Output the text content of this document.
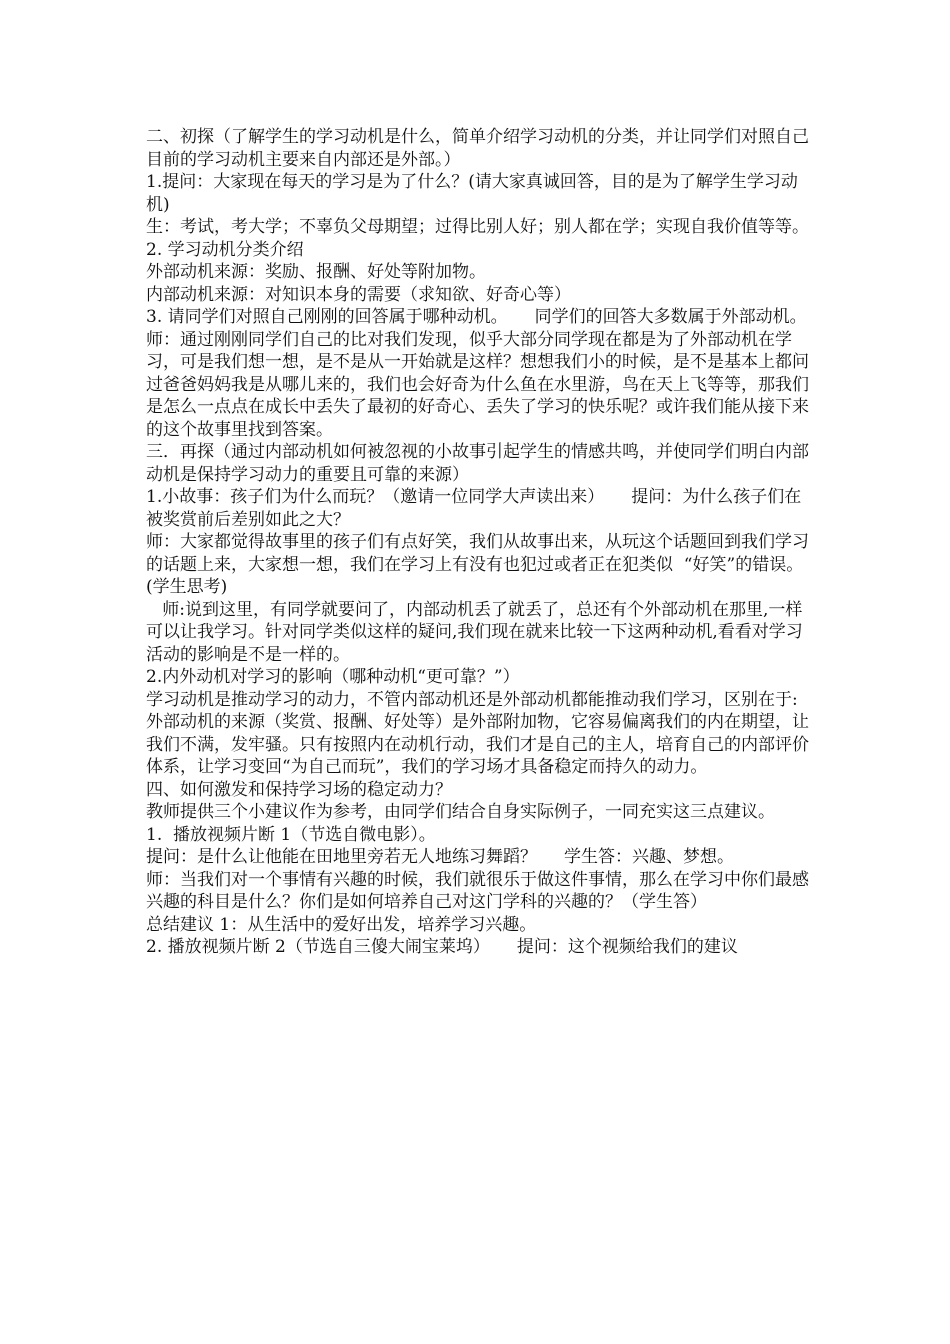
二、初探（了解学生的学习动机是什么，简单介绍学习动机的分类，并让同学们对照自己目前的学习动机主要来自内部还是外部。）

1.提问：大家现在每天的学习是为了什么？(请大家真诚回答，目的是为了解学生学习动机)

生：考试，考大学；不辜负父母期望；过得比别人好；别人都在学；实现自我价值等等。

2. 学习动机分类介绍

外部动机来源：奖励、报酬、好处等附加物。

内部动机来源：对知识本身的需要（求知欲、好奇心等）

3. 请同学们对照自己刚刚的回答属于哪种动机。     同学们的回答大多数属于外部动机。

师：通过刚刚同学们自己的比对我们发现，似乎大部分同学现在都是为了外部动机在学习，可是我们想一想，是不是从一开始就是这样？想想我们小的时候，是不是基本上都问过爸爸妈妈我是从哪儿来的，我们也会好奇为什么鱼在水里游，鸟在天上飞等等，那我们是怎么一点点在成长中丢失了最初的好奇心、丢失了学习的快乐呢？或许我们能从接下来的这个故事里找到答案。

三．再探（通过内部动机如何被忽视的小故事引起学生的情感共鸣，并使同学们明白内部动机是保持学习动力的重要且可靠的来源）

1.小故事：孩子们为什么而玩？（邀请一位同学大声读出来）     提问：为什么孩子们在被奖赏前后差别如此之大？

师：大家都觉得故事里的孩子们有点好笑，我们从故事出来，从玩这个话题回到我们学习的话题上来，大家想一想，我们在学习上有没有也犯过或者正在犯类似  “好笑”的错误。

(学生思考)

师:说到这里，有同学就要问了，内部动机丢了就丢了，总还有个外部动机在那里,一样可以让我学习。针对同学类似这样的疑问,我们现在就来比较一下这两种动机,看看对学习活动的影响是不是一样的。

2.内外动机对学习的影响（哪种动机“更可靠？”）

学习动机是推动学习的动力，不管内部动机还是外部动机都能推动我们学习，区别在于:

外部动机的来源（奖赏、报酬、好处等）是外部附加物，它容易偏离我们的内在期望，让我们不满，发牢骚。只有按照内在动机行动，我们才是自己的主人，培育自己的内部评价体系，让学习变回“为自己而玩”，我们的学习场才具备稳定而持久的动力。

四、如何激发和保持学习场的稳定动力？

教师提供三个小建议作为参考，由同学们结合自身实际例子，一同充实这三点建议。

1.  播放视频片断 1（节选自微电影）。

提问：是什么让他能在田地里旁若无人地练习舞蹈？     学生答：兴趣、梦想。

师：当我们对一个事情有兴趣的时候，我们就很乐于做这件事情，那么在学习中你们最感兴趣的科目是什么？你们是如何培养自己对这门学科的兴趣的？（学生答）

总结建议 1：从生活中的爱好出发，培养学习兴趣。

2. 播放视频片断 2（节选自三傻大闹宝莱坞）     提问：这个视频给我们的建议
